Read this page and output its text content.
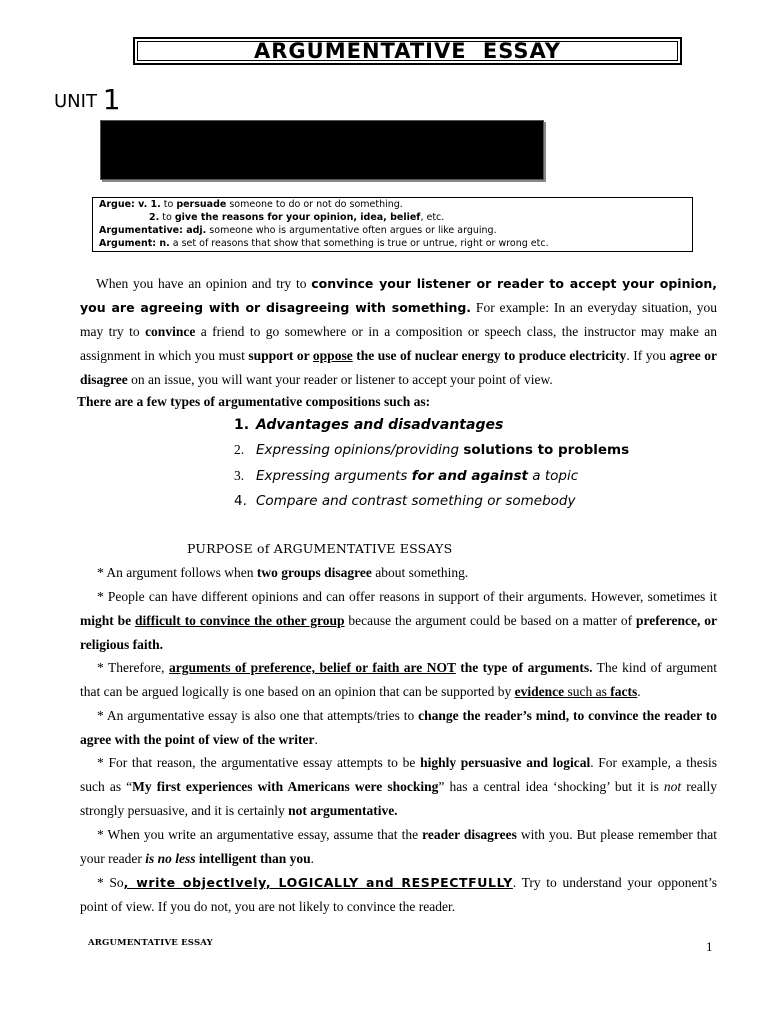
ARGUMENTATIVE ESSAY
UNIT 1
Argue: v. 1. to persuade someone to do or not do something.
2. to give the reasons for your opinion, idea, belief, etc.
Argumentative: adj. someone who is argumentative often argues or like arguing.
Argument: n. a set of reasons that show that something is true or untrue, right or wrong etc.
When you have an opinion and try to convince your listener or reader to accept your opinion, you are agreeing with or disagreeing with something. For example: In an everyday situation, you may try to convince a friend to go somewhere or in a composition or speech class, the instructor may make an assignment in which you must support or oppose the use of nuclear energy to produce electricity. If you agree or disagree on an issue, you will want your reader or listener to accept your point of view.
There are a few types of argumentative compositions such as:
1. Advantages and disadvantages
2. Expressing opinions/providing solutions to problems
3. Expressing arguments for and against a topic
4. Compare and contrast something or somebody
PURPOSE of ARGUMENTATIVE ESSAYS
* An argument follows when two groups disagree about something.
* People can have different opinions and can offer reasons in support of their arguments. However, sometimes it might be difficult to convince the other group because the argument could be based on a matter of preference, or religious faith.
* Therefore, arguments of preference, belief or faith are NOT the type of arguments. The kind of argument that can be argued logically is one based on an opinion that can be supported by evidence such as facts.
* An argumentative essay is also one that attempts/tries to change the reader’s mind, to convince the reader to agree with the point of view of the writer.
* For that reason, the argumentative essay attempts to be highly persuasive and logical. For example, a thesis such as “My first experiences with Americans were shocking” has a central idea ‘shocking’ but it is not really strongly persuasive, and it is certainly not argumentative.
* When you write an argumentative essay, assume that the reader disagrees with you. But please remember that your reader is no less intelligent than you.
* So, write objectIvely, LOGICALLY and RESPECTFULLY. Try to understand your opponent’s point of view. If you do not, you are not likely to convince the reader.
ARGUMENTATIVE ESSAY	1
